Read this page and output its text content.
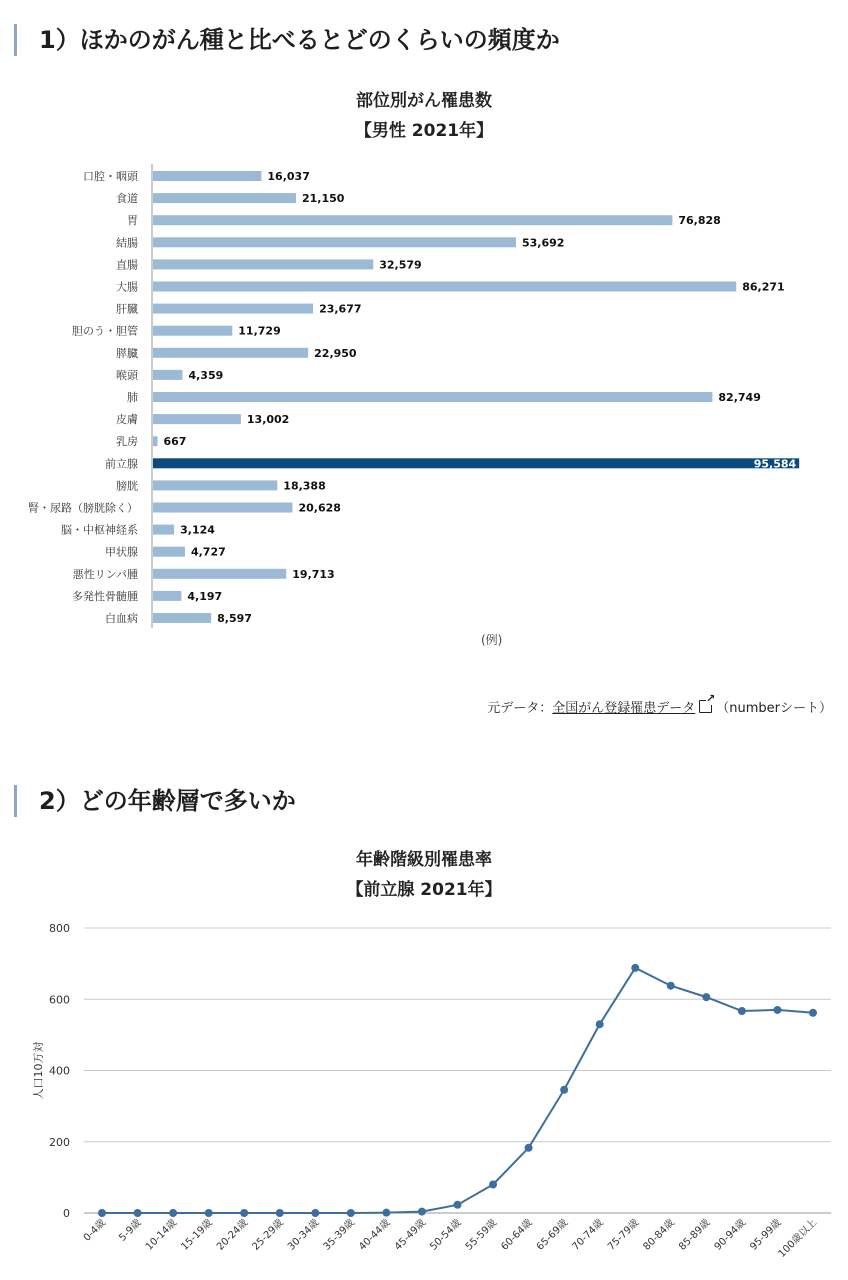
1）ほかのがん種と比べるとどのくらいの頻度か
部位別がん罹患数
【男性 2021年】
口腔・咽頭	16,037
食道	21,150
胃	76,828
結腸	53,692
直腸	32,579
大腸	86,271
肝臓	23,677
胆のう・胆管	11,729
膵臓	22,950
喉頭	4,359
肺	82,749
皮膚	13,002
乳房 667
前立腺	95,584
膀胱	18,388
腎・尿路（膀胱除く）	20,628
脳・中枢神経系	3,124
甲状腺	4,727
悪性リンパ腫	19,713
多発性骨髄腫	4,197
白血病	8,597
(例)
元データ：全国がん登録罹患データ↗ （numberシート）
2）どの年齢層で多いか
年齢階級別罹患率
【前立腺 2021年】
0
200
400
600
800
人口10万対
0-4歳 5-9歳 10-14歳 15-19歳 20-24歳 25-29歳 30-34歳 35-39歳 40-44歳 45-49歳 50-54歳 55-59歳 60-64歳 65-69歳 70-74歳 75-79歳 80-84歳 85-89歳 90-94歳 95-99歳
100歳以上
